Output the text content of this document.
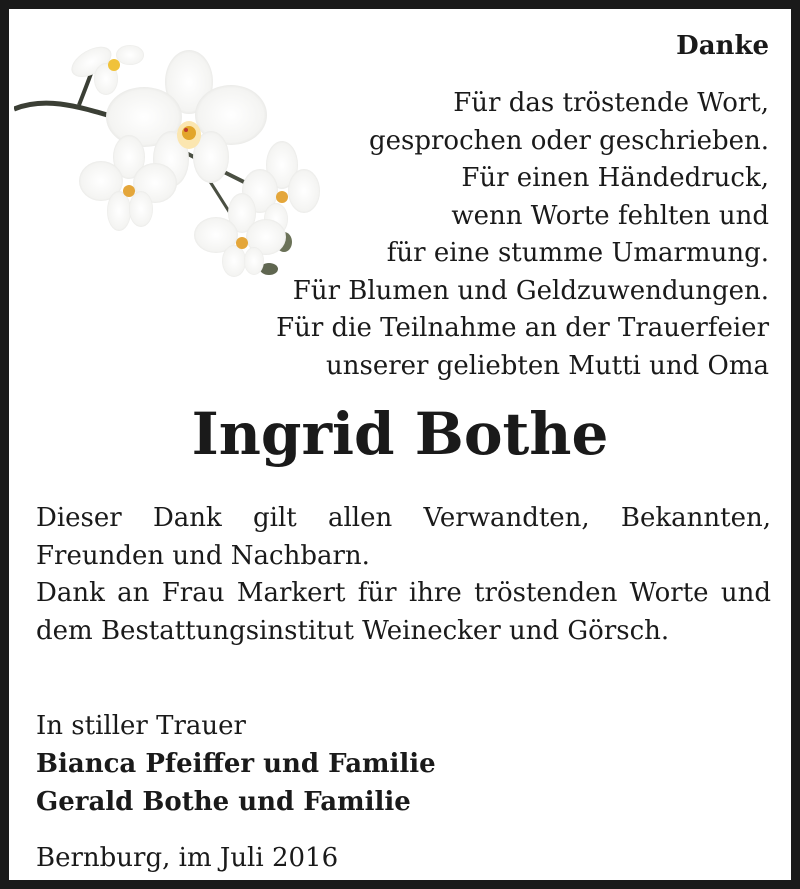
Danke

Für das tröstende Wort,
gesprochen oder geschrieben.
Für einen Händedruck,
wenn Worte fehlten und
für eine stumme Umarmung.
Für Blumen und Geldzuwendungen.
Für die Teilnahme an der Trauerfeier
unserer geliebten Mutti und Oma

Ingrid Bothe

Dieser Dank gilt allen Verwandten, Bekannten, Freunden und Nachbarn.

Dank an Frau Markert für ihre tröstenden Worte und dem Bestattungsinstitut Weinecker und Görsch.

In stiller Trauer
Bianca Pfeiffer und Familie
Gerald Bothe und Familie

Bernburg, im Juli 2016
